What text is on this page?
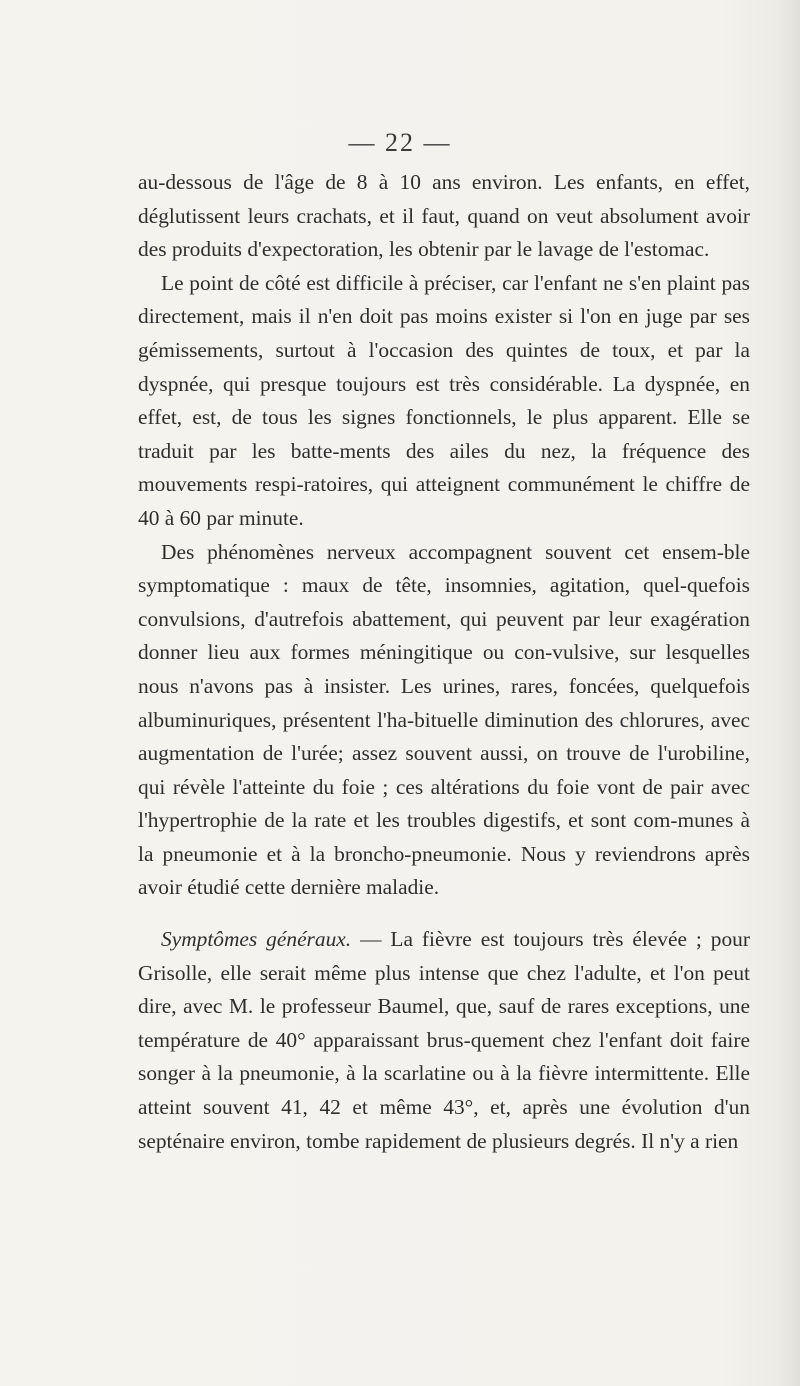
— 22 —

au-dessous de l'âge de 8 à 10 ans environ. Les enfants, en effet, déglutissent leurs crachats, et il faut, quand on veut absolument avoir des produits d'expectoration, les obtenir par le lavage de l'estomac.

Le point de côté est difficile à préciser, car l'enfant ne s'en plaint pas directement, mais il n'en doit pas moins exister si l'on en juge par ses gémissements, surtout à l'occasion des quintes de toux, et par la dyspnée, qui presque toujours est très considérable. La dyspnée, en effet, est, de tous les signes fonctionnels, le plus apparent. Elle se traduit par les batte-ments des ailes du nez, la fréquence des mouvements respi-ratoires, qui atteignent communément le chiffre de 40 à 60 par minute.

Des phénomènes nerveux accompagnent souvent cet ensem-ble symptomatique : maux de tête, insomnies, agitation, quel-quefois convulsions, d'autrefois abattement, qui peuvent par leur exagération donner lieu aux formes méningitique ou con-vulsive, sur lesquelles nous n'avons pas à insister. Les urines, rares, foncées, quelquefois albuminuriques, présentent l'ha-bituelle diminution des chlorures, avec augmentation de l'urée; assez souvent aussi, on trouve de l'urobiline, qui révèle l'atteinte du foie ; ces altérations du foie vont de pair avec l'hypertrophie de la rate et les troubles digestifs, et sont com-munes à la pneumonie et à la broncho-pneumonie. Nous y reviendrons après avoir étudié cette dernière maladie.

Symptômes généraux. — La fièvre est toujours très élevée ; pour Grisolle, elle serait même plus intense que chez l'adulte, et l'on peut dire, avec M. le professeur Baumel, que, sauf de rares exceptions, une température de 40° apparaissant brus-quement chez l'enfant doit faire songer à la pneumonie, à la scarlatine ou à la fièvre intermittente. Elle atteint souvent 41, 42 et même 43°, et, après une évolution d'un septénaire environ, tombe rapidement de plusieurs degrés. Il n'y a rien
